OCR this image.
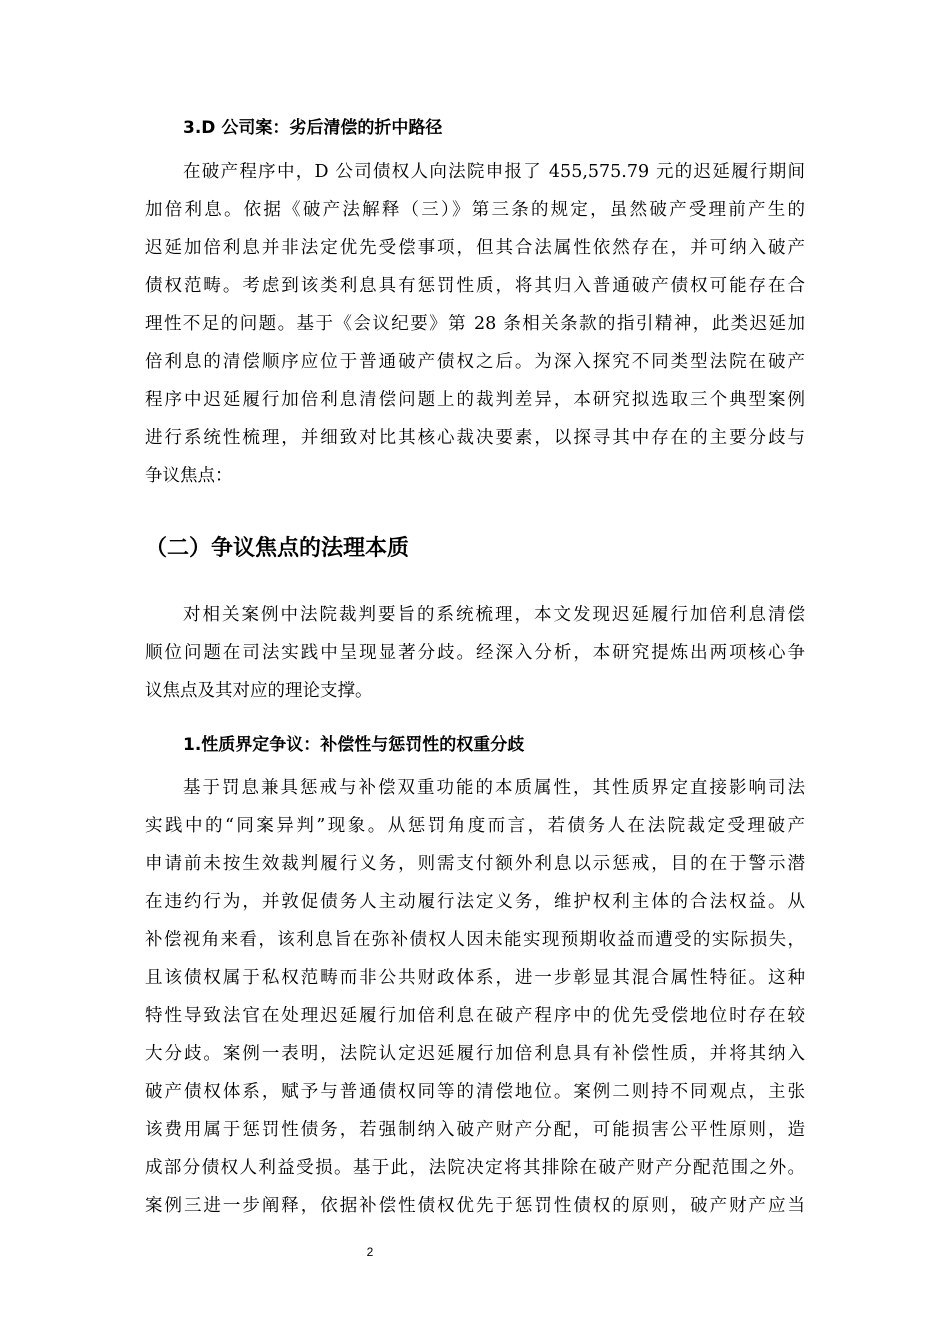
3.D 公司案：劣后清偿的折中路径
在破产程序中，D 公司债权人向法院申报了 455,575.79 元的迟延履行期间
加倍利息。依据《破产法解释（三）》第三条的规定，虽然破产受理前产生的
迟延加倍利息并非法定优先受偿事项，但其合法属性依然存在，并可纳入破产
债权范畴。考虑到该类利息具有惩罚性质，将其归入普通破产债权可能存在合
理性不足的问题。基于《会议纪要》第 28 条相关条款的指引精神，此类迟延加
倍利息的清偿顺序应位于普通破产债权之后。为深入探究不同类型法院在破产
程序中迟延履行加倍利息清偿问题上的裁判差异，本研究拟选取三个典型案例
进行系统性梳理，并细致对比其核心裁决要素，以探寻其中存在的主要分歧与
争议焦点：
（二）争议焦点的法理本质
对相关案例中法院裁判要旨的系统梳理，本文发现迟延履行加倍利息清偿
顺位问题在司法实践中呈现显著分歧。经深入分析，本研究提炼出两项核心争
议焦点及其对应的理论支撑。
1.性质界定争议：补偿性与惩罚性的权重分歧
基于罚息兼具惩戒与补偿双重功能的本质属性，其性质界定直接影响司法
实践中的“同案异判”现象。从惩罚角度而言，若债务人在法院裁定受理破产
申请前未按生效裁判履行义务，则需支付额外利息以示惩戒，目的在于警示潜
在违约行为，并敦促债务人主动履行法定义务，维护权利主体的合法权益。从
补偿视角来看，该利息旨在弥补债权人因未能实现预期收益而遭受的实际损失，
且该债权属于私权范畴而非公共财政体系，进一步彰显其混合属性特征。这种
特性导致法官在处理迟延履行加倍利息在破产程序中的优先受偿地位时存在较
大分歧。案例一表明，法院认定迟延履行加倍利息具有补偿性质，并将其纳入
破产债权体系，赋予与普通债权同等的清偿地位。案例二则持不同观点，主张
该费用属于惩罚性债务，若强制纳入破产财产分配，可能损害公平性原则，造
成部分债权人利益受损。基于此，法院决定将其排除在破产财产分配范围之外。
案例三进一步阐释，依据补偿性债权优先于惩罚性债权的原则，破产财产应当
2
